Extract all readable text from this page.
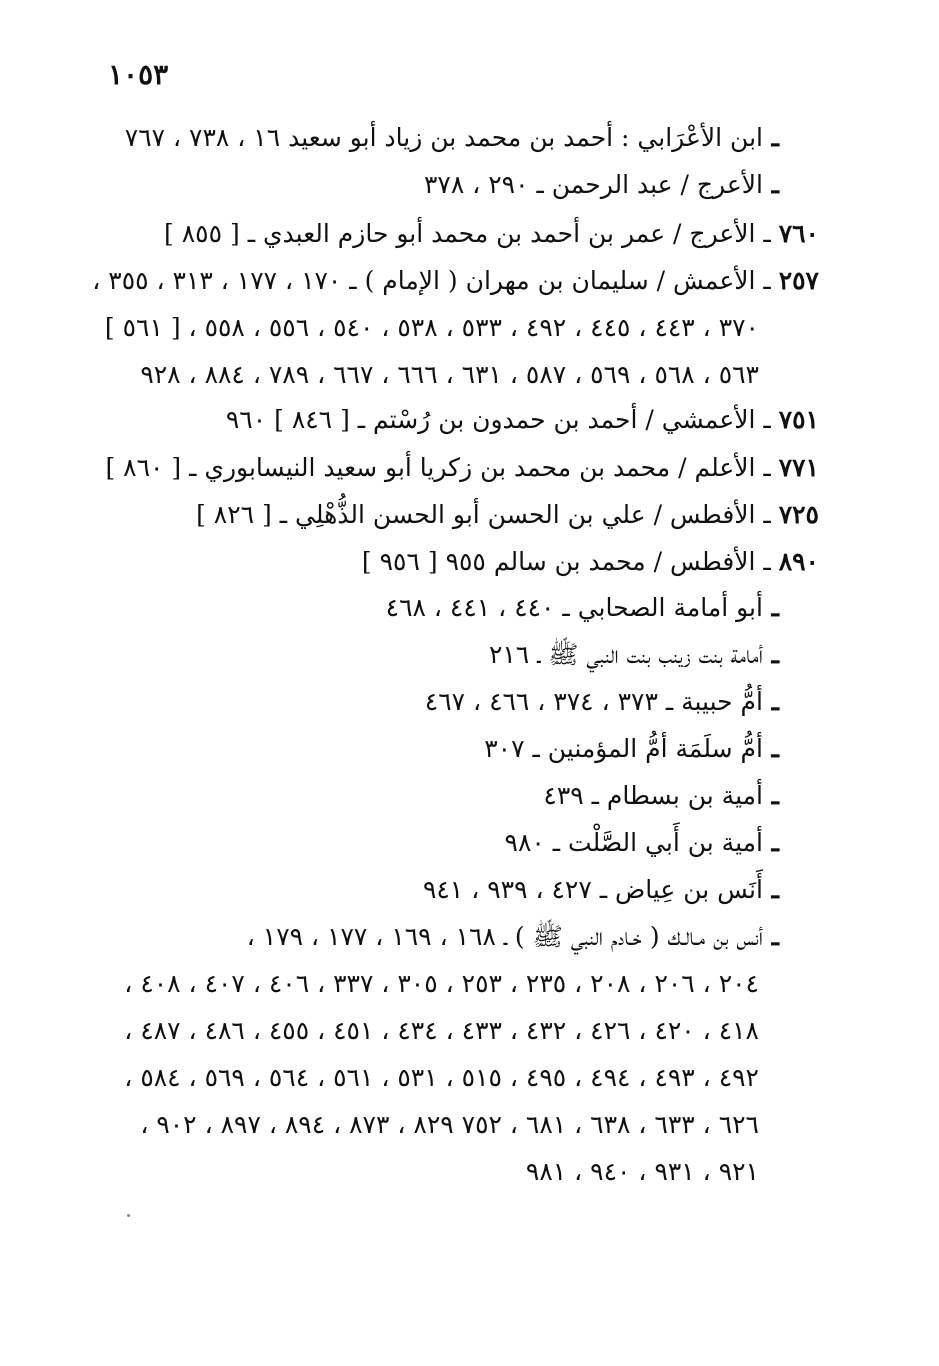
١٠٥٣
ـ ابن الأعْرَابي : أحمد بن محمد بن زياد أبو سعيد ١٦ ، ٧٣٨ ، ٧٦٧
ـ الأعرج / عبد الرحمن ـ ٢٩٠ ، ٣٧٨
٧٦٠ ـ الأعرج / عمر بن أحمد بن محمد أبو حازم العبدي ـ [ ٨٥٥ ]
٢٥٧ ـ الأعمش / سليمان بن مهران ( الإمام ) ـ ١٧٠ ، ١٧٧ ، ٣١٣ ، ٣٥٥ ،
٣٧٠ ، ٤٤٣ ، ٤٤٥ ، ٤٩٢ ، ٥٣٣ ، ٥٣٨ ، ٥٤٠ ، ٥٥٦ ، ٥٥٨ ، [ ٥٦١ ]
٥٦٣ ، ٥٦٨ ، ٥٦٩ ، ٥٨٧ ، ٦٣١ ، ٦٦٦ ، ٦٦٧ ، ٧٨٩ ، ٨٨٤ ، ٩٢٨
٧٥١ ـ الأعمشي / أحمد بن حمدون بن رُسْتم ـ [ ٨٤٦ ] ٩٦٠
٧٧١ ـ الأعلم / محمد بن محمد بن زكريا أبو سعيد النيسابوري ـ [ ٨٦٠ ]
٧٢٥ ـ الأفطس / علي بن الحسن أبو الحسن الذُّهْلِي ـ [ ٨٢٦ ]
٨٩٠ ـ الأفطس / محمد بن سالم ٩٥٥ [ ٩٥٦ ]
ـ أبو أمامة الصحابي ـ ٤٤٠ ، ٤٤١ ، ٤٦٨
ـ أمامة بنت زينب بنت النبي ﷺ ـ ٢١٦
ـ أمُّ حبيبة ـ ٣٧٣ ، ٣٧٤ ، ٤٦٦ ، ٤٦٧
ـ أمُّ سلَمَة أمُّ المؤمنين ـ ٣٠٧
ـ أمية بن بسطام ـ ٤٣٩
ـ أمية بن أَبي الصَّلْت ـ ٩٨٠
ـ أَنَس بن عِياض ـ ٤٢٧ ، ٩٣٩ ، ٩٤١
ـ أنس بن مـالـك ( خـادم النبي ﷺ ) ـ ١٦٨ ، ١٦٩ ، ١٧٧ ، ١٧٩ ،
٢٠٤ ، ٢٠٦ ، ٢٠٨ ، ٢٣٥ ، ٢٥٣ ، ٣٠٥ ، ٣٣٧ ، ٤٠٦ ، ٤٠٧ ، ٤٠٨ ،
٤١٨ ، ٤٢٠ ، ٤٢٦ ، ٤٣٢ ، ٤٣٣ ، ٤٣٤ ، ٤٥١ ، ٤٥٥ ، ٤٨٦ ، ٤٨٧ ،
٤٩٢ ، ٤٩٣ ، ٤٩٤ ، ٤٩٥ ، ٥١٥ ، ٥٣١ ، ٥٦١ ، ٥٦٤ ، ٥٦٩ ، ٥٨٤ ،
٦٢٦ ، ٦٣٣ ، ٦٣٨ ، ٦٨١ ، ٧٥٢ ٨٢٩ ، ٨٧٣ ، ٨٩٤ ، ٨٩٧ ، ٩٠٢ ،
٩٢١ ، ٩٣١ ، ٩٤٠ ، ٩٨١
